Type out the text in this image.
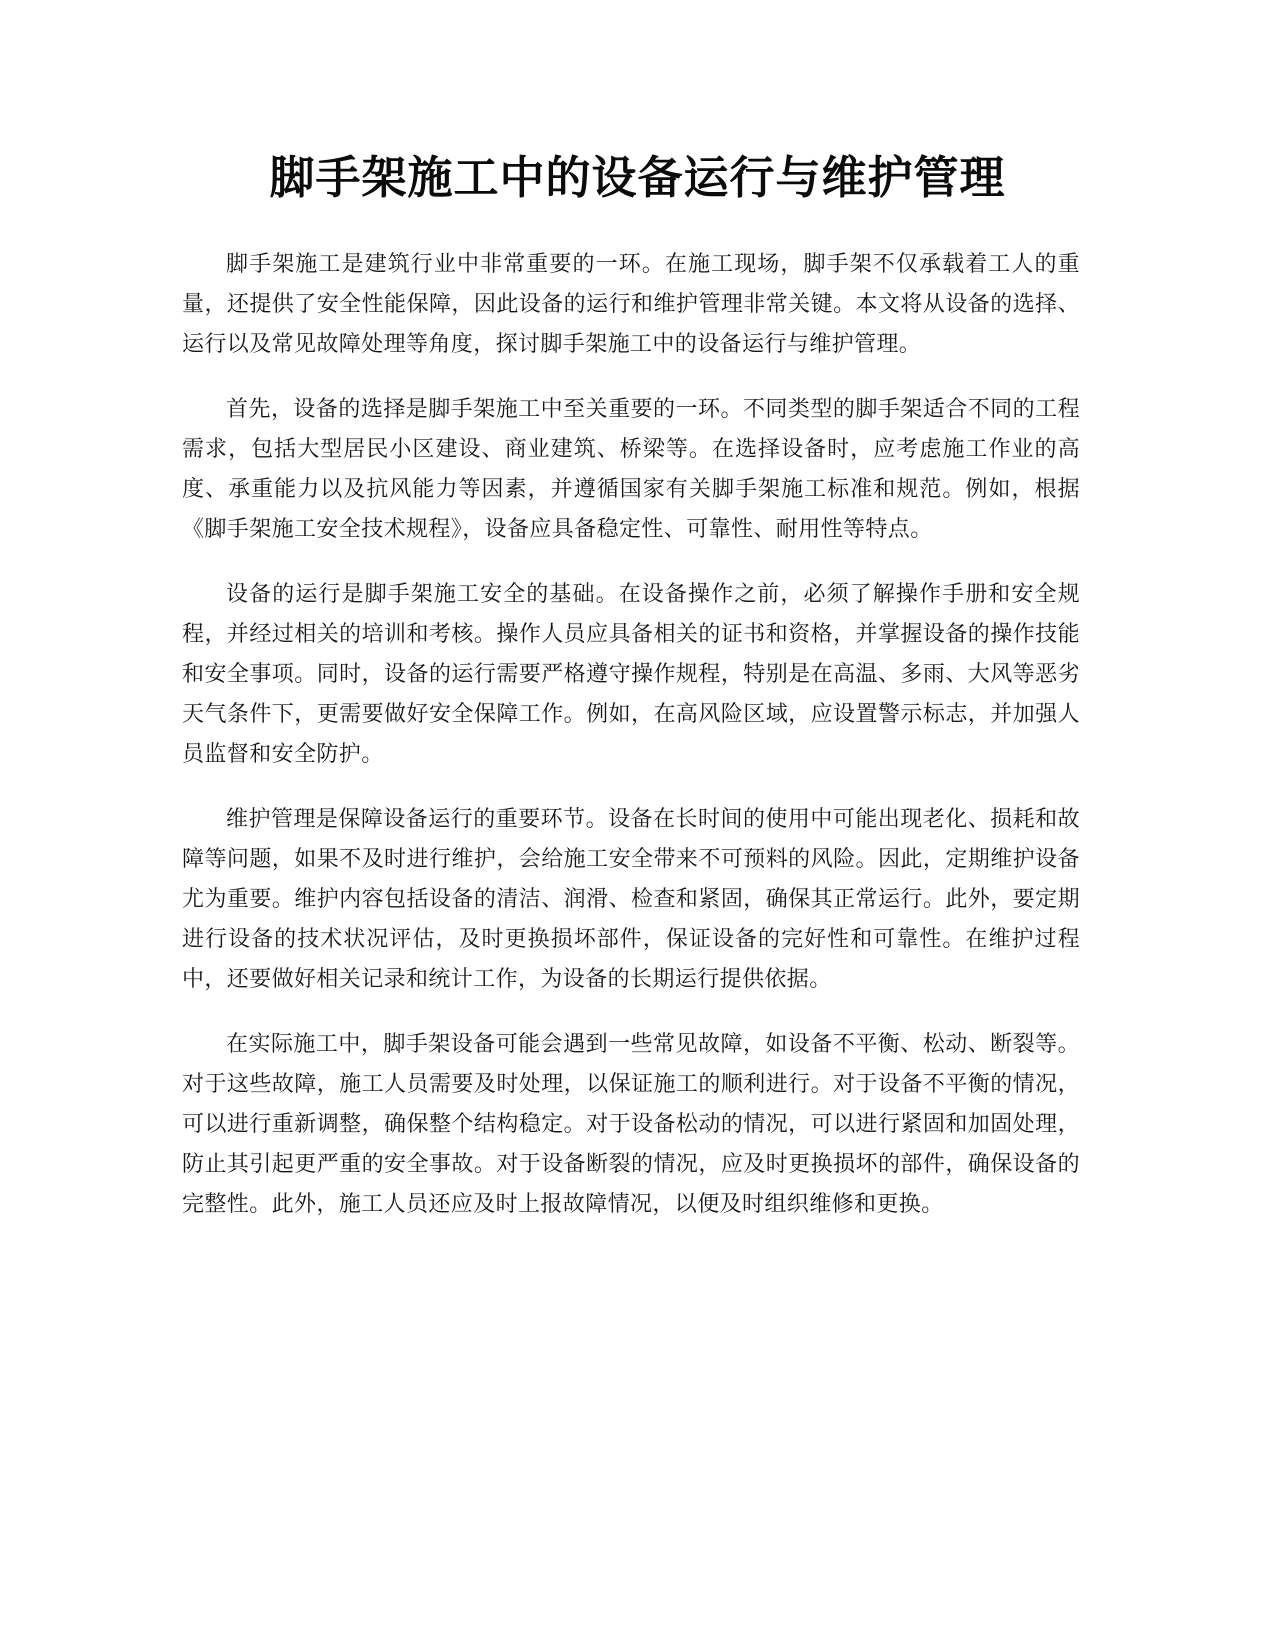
脚手架施工中的设备运行与维护管理

脚手架施工是建筑行业中非常重要的一环。在施工现场，脚手架不仅承载着工人的重量，还提供了安全性能保障，因此设备的运行和维护管理非常关键。本文将从设备的选择、运行以及常见故障处理等角度，探讨脚手架施工中的设备运行与维护管理。

首先，设备的选择是脚手架施工中至关重要的一环。不同类型的脚手架适合不同的工程需求，包括大型居民小区建设、商业建筑、桥梁等。在选择设备时，应考虑施工作业的高度、承重能力以及抗风能力等因素，并遵循国家有关脚手架施工标准和规范。例如，根据《脚手架施工安全技术规程》，设备应具备稳定性、可靠性、耐用性等特点。

设备的运行是脚手架施工安全的基础。在设备操作之前，必须了解操作手册和安全规程，并经过相关的培训和考核。操作人员应具备相关的证书和资格，并掌握设备的操作技能和安全事项。同时，设备的运行需要严格遵守操作规程，特别是在高温、多雨、大风等恶劣天气条件下，更需要做好安全保障工作。例如，在高风险区域，应设置警示标志，并加强人员监督和安全防护。

维护管理是保障设备运行的重要环节。设备在长时间的使用中可能出现老化、损耗和故障等问题，如果不及时进行维护，会给施工安全带来不可预料的风险。因此，定期维护设备尤为重要。维护内容包括设备的清洁、润滑、检查和紧固，确保其正常运行。此外，要定期进行设备的技术状况评估，及时更换损坏部件，保证设备的完好性和可靠性。在维护过程中，还要做好相关记录和统计工作，为设备的长期运行提供依据。

在实际施工中，脚手架设备可能会遇到一些常见故障，如设备不平衡、松动、断裂等。对于这些故障，施工人员需要及时处理，以保证施工的顺利进行。对于设备不平衡的情况，可以进行重新调整，确保整个结构稳定。对于设备松动的情况，可以进行紧固和加固处理，防止其引起更严重的安全事故。对于设备断裂的情况，应及时更换损坏的部件，确保设备的完整性。此外，施工人员还应及时上报故障情况，以便及时组织维修和更换。
